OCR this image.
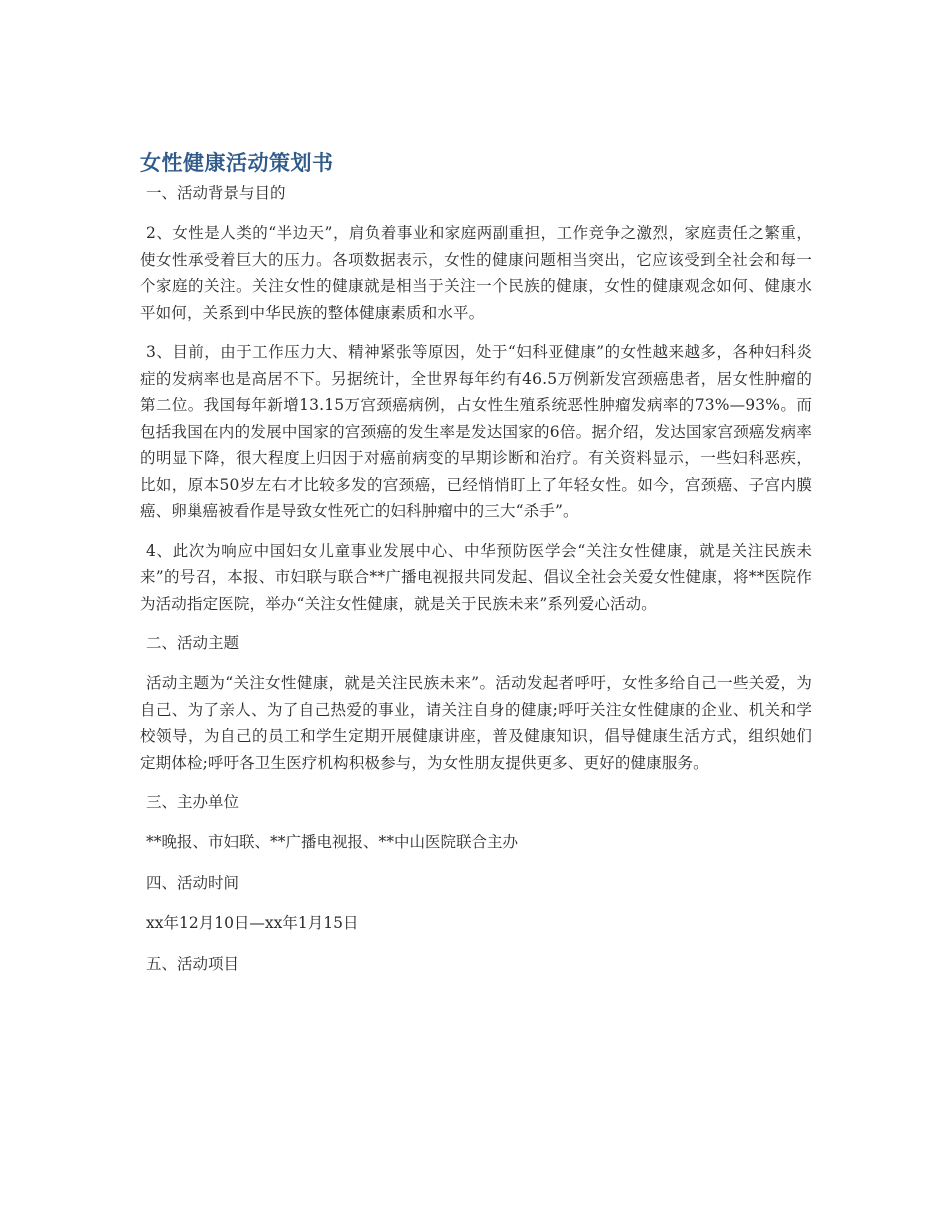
女性健康活动策划书
一、活动背景与目的

2、女性是人类的“半边天”，肩负着事业和家庭两副重担，工作竞争之激烈，家庭责任之繁重，使女性承受着巨大的压力。各项数据表示，女性的健康问题相当突出，它应该受到全社会和每一个家庭的关注。关注女性的健康就是相当于关注一个民族的健康，女性的健康观念如何、健康水平如何，关系到中华民族的整体健康素质和水平。

3、目前，由于工作压力大、精神紧张等原因，处于“妇科亚健康”的女性越来越多，各种妇科炎症的发病率也是高居不下。另据统计，全世界每年约有46.5万例新发宫颈癌患者，居女性肿瘤的第二位。我国每年新增13.15万宫颈癌病例，占女性生殖系统恶性肿瘤发病率的73%—93%。而包括我国在内的发展中国家的宫颈癌的发生率是发达国家的6倍。据介绍，发达国家宫颈癌发病率的明显下降，很大程度上归因于对癌前病变的早期诊断和治疗。有关资料显示，一些妇科恶疾，比如，原本50岁左右才比较多发的宫颈癌，已经悄悄盯上了年轻女性。如今，宫颈癌、子宫内膜癌、卵巢癌被看作是导致女性死亡的妇科肿瘤中的三大“杀手”。

4、此次为响应中国妇女儿童事业发展中心、中华预防医学会“关注女性健康，就是关注民族未来”的号召，本报、市妇联与联合**广播电视报共同发起、倡议全社会关爱女性健康，将**医院作为活动指定医院，举办“关注女性健康，就是关于民族未来”系列爱心活动。

二、活动主题

活动主题为“关注女性健康，就是关注民族未来”。活动发起者呼吁，女性多给自己一些关爱，为自己、为了亲人、为了自己热爱的事业，请关注自身的健康;呼吁关注女性健康的企业、机关和学校领导，为自己的员工和学生定期开展健康讲座，普及健康知识，倡导健康生活方式，组织她们定期体检;呼吁各卫生医疗机构积极参与，为女性朋友提供更多、更好的健康服务。

三、主办单位
**晚报、市妇联、**广播电视报、**中山医院联合主办
四、活动时间
xx年12月10日—xx年1月15日
五、活动项目
